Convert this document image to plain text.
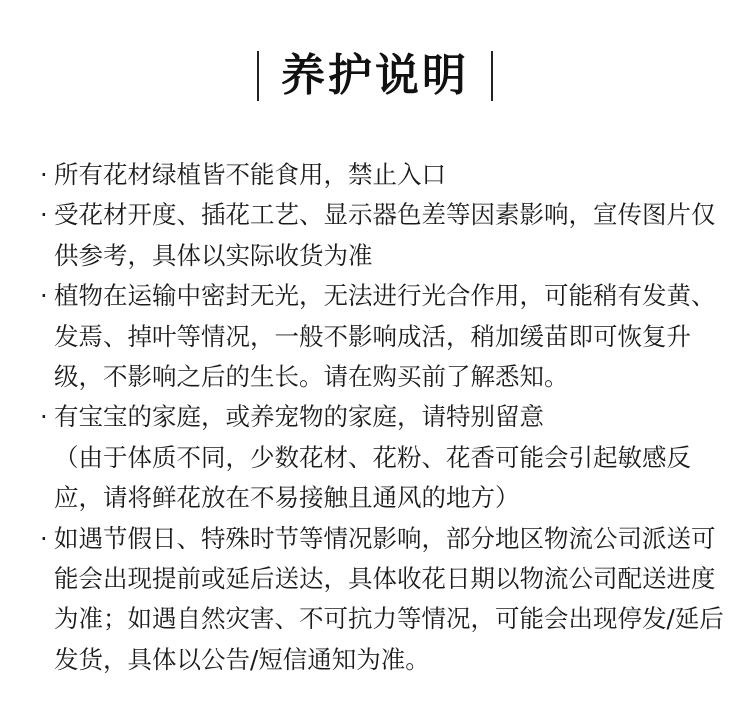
养护说明
· 所有花材绿植皆不能食用，禁止入口
· 受花材开度、插花工艺、显示器色差等因素影响，宣传图片仅供参考，具体以实际收货为准
· 植物在运输中密封无光，无法进行光合作用，可能稍有发黄、发焉、掉叶等情况，一般不影响成活，稍加缓苗即可恢复升级，不影响之后的生长。请在购买前了解悉知。
· 有宝宝的家庭，或养宠物的家庭，请特别留意
（由于体质不同，少数花材、花粉、花香可能会引起敏感反应，请将鲜花放在不易接触且通风的地方）
· 如遇节假日、特殊时节等情况影响，部分地区物流公司派送可能会出现提前或延后送达，具体收花日期以物流公司配送进度为准；如遇自然灾害、不可抗力等情况，可能会出现停发/延后发货，具体以公告/短信通知为准。
